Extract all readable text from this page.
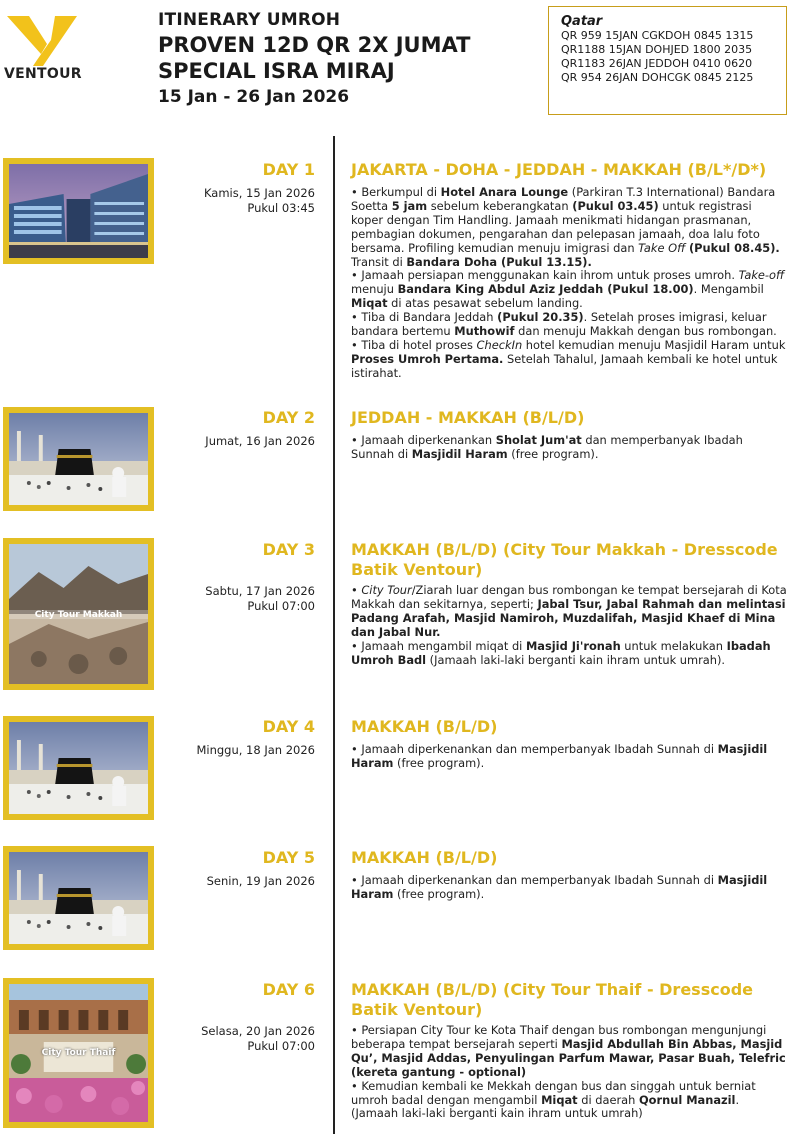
VENTOUR
ITINERARY UMROH
PROVEN 12D QR 2X JUMAT
SPECIAL ISRA MIRAJ
15 Jan - 26 Jan 2026
Qatar
QR 959 15JAN CGKDOH 0845 1315
QR1188 15JAN DOHJED 1800 2035
QR1183 26JAN JEDDOH 0410 0620
QR 954 26JAN DOHCGK 0845 2125
DAY 1
Kamis, 15 Jan 2026
Pukul 03:45
JAKARTA - DOHA - JEDDAH - MAKKAH (B/L*/D*)

• Berkumpul di Hotel Anara Lounge (Parkiran T.3 International) Bandara Soetta 5 jam sebelum keberangkatan (Pukul 03.45) untuk registrasi koper dengan Tim Handling. Jamaah menikmati hidangan prasmanan, pembagian dokumen, pengarahan dan pelepasan jamaah, doa lalu foto bersama. Profiling kemudian menuju imigrasi dan Take Off (Pukul 08.45). Transit di Bandara Doha (Pukul 13.15).

• Jamaah persiapan menggunakan kain ihrom untuk proses umroh. Take-off menuju Bandara King Abdul Aziz Jeddah (Pukul 18.00). Mengambil Miqat di atas pesawat sebelum landing.

• Tiba di Bandara Jeddah (Pukul 20.35). Setelah proses imigrasi, keluar bandara bertemu Muthowif dan menuju Makkah dengan bus rombongan.

• Tiba di hotel proses CheckIn hotel kemudian menuju Masjidil Haram untuk Proses Umroh Pertama. Setelah Tahalul, Jamaah kembali ke hotel untuk istirahat.

DAY 2
Jumat, 16 Jan 2026
JEDDAH - MAKKAH (B/L/D)

• Jamaah diperkenankan Sholat Jum'at dan memperbanyak Ibadah Sunnah di Masjidil Haram (free program).

City Tour Makkah
DAY 3
Sabtu, 17 Jan 2026
Pukul 07:00
MAKKAH (B/L/D) (City Tour Makkah - Dresscode Batik Ventour)

• City Tour/Ziarah luar dengan bus rombongan ke tempat bersejarah di Kota Makkah dan sekitarnya, seperti; Jabal Tsur, Jabal Rahmah dan melintasi Padang Arafah, Masjid Namiroh, Muzdalifah, Masjid Khaef di Mina dan Jabal Nur.

• Jamaah mengambil miqat di Masjid Ji'ronah untuk melakukan Ibadah Umroh Badl (Jamaah laki-laki berganti kain ihram untuk umrah).

DAY 4
Minggu, 18 Jan 2026
MAKKAH (B/L/D)

• Jamaah diperkenankan dan memperbanyak Ibadah Sunnah di Masjidil Haram (free program).

DAY 5
Senin, 19 Jan 2026
MAKKAH (B/L/D)

• Jamaah diperkenankan dan memperbanyak Ibadah Sunnah di Masjidil Haram (free program).

City Tour Thaif
DAY 6
Selasa, 20 Jan 2026
Pukul 07:00
MAKKAH (B/L/D) (City Tour Thaif - Dresscode Batik Ventour)

• Persiapan City Tour ke Kota Thaif dengan bus rombongan mengunjungi beberapa tempat bersejarah seperti Masjid Abdullah Bin Abbas, Masjid Qu’, Masjid Addas, Penyulingan Parfum Mawar, Pasar Buah, Telefric (kereta gantung - optional)

• Kemudian kembali ke Mekkah dengan bus dan singgah untuk berniat umroh badal dengan mengambil Miqat di daerah Qornul Manazil. (Jamaah laki-laki berganti kain ihram untuk umrah)
